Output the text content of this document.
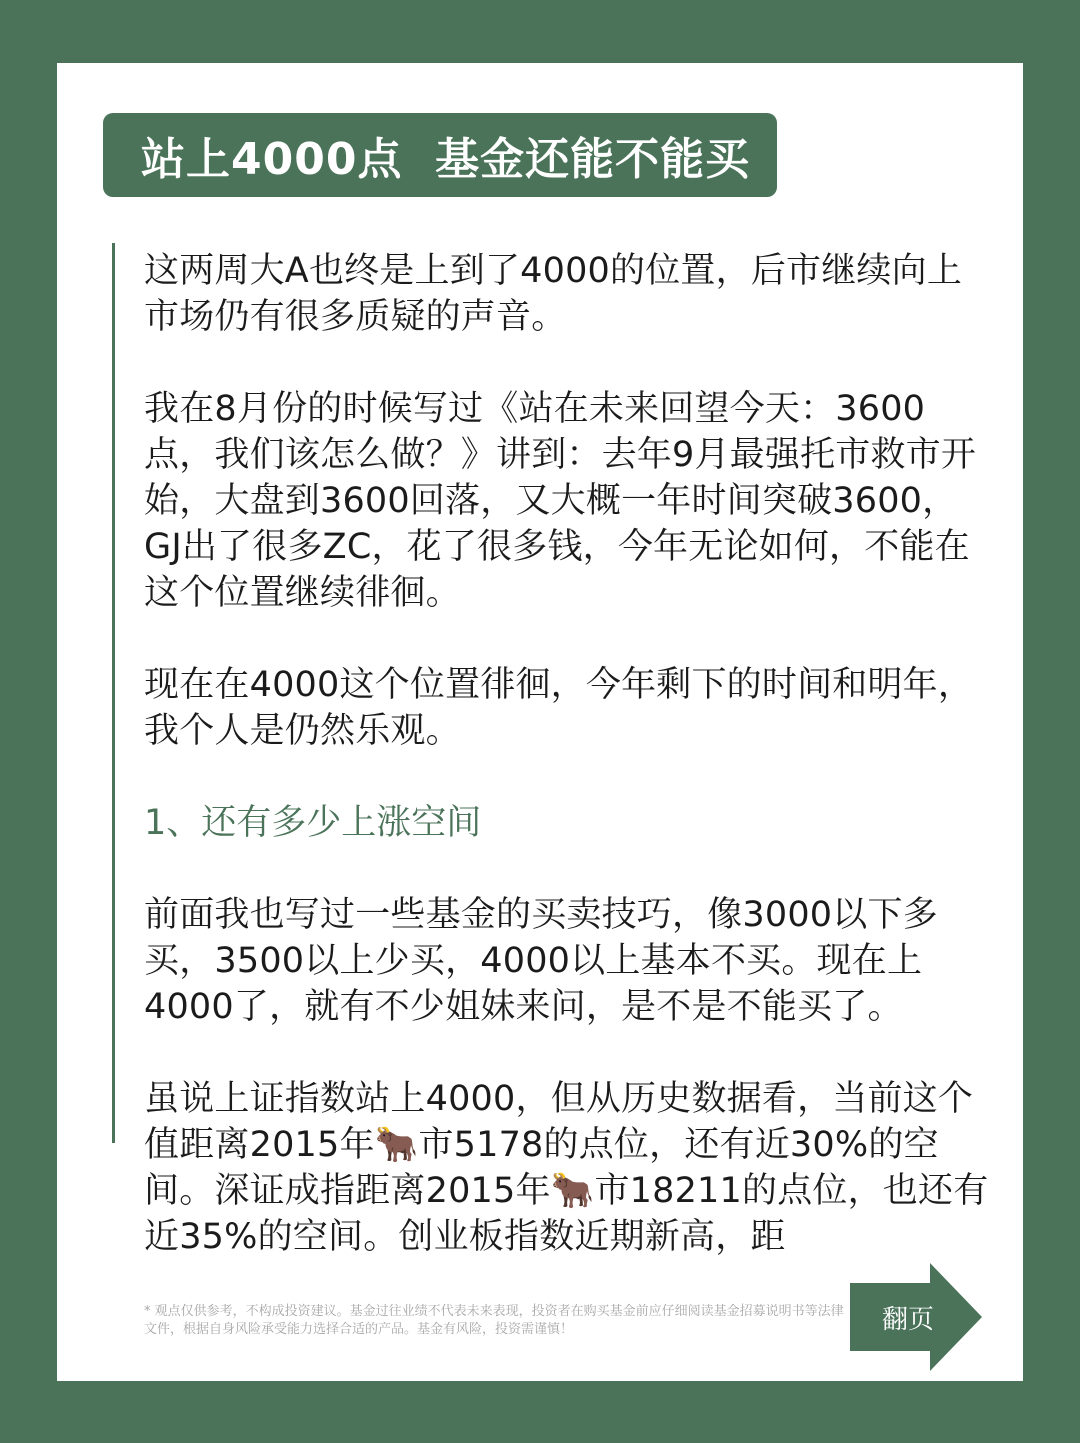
站上4000点  基金还能不能买

这两周大A也终是上到了4000的位置，后市继续向上市场仍有很多质疑的声音。

我在8月份的时候写过《站在未来回望今天：3600点，我们该怎么做？》讲到：去年9月最强托市救市开始，大盘到3600回落，又大概一年时间突破3600，GJ出了很多ZC，花了很多钱，今年无论如何，不能在这个位置继续徘徊。

现在在4000这个位置徘徊，今年剩下的时间和明年，我个人是仍然乐观。

1、还有多少上涨空间

前面我也写过一些基金的买卖技巧，像3000以下多买，3500以上少买，4000以上基本不买。现在上4000了，就有不少姐妹来问，是不是不能买了。

虽说上证指数站上4000，但从历史数据看，当前这个值距离2015年🐂市5178的点位，还有近30%的空间。深证成指距离2015年🐂市18211的点位，也还有近35%的空间。创业板指数近期新高，距

* 观点仅供参考，不构成投资建议。基金过往业绩不代表未来表现，投资者在购买基金前应仔细阅读基金招募说明书等法律文件，根据自身风险承受能力选择合适的产品。基金有风险，投资需谨慎！	翻页
